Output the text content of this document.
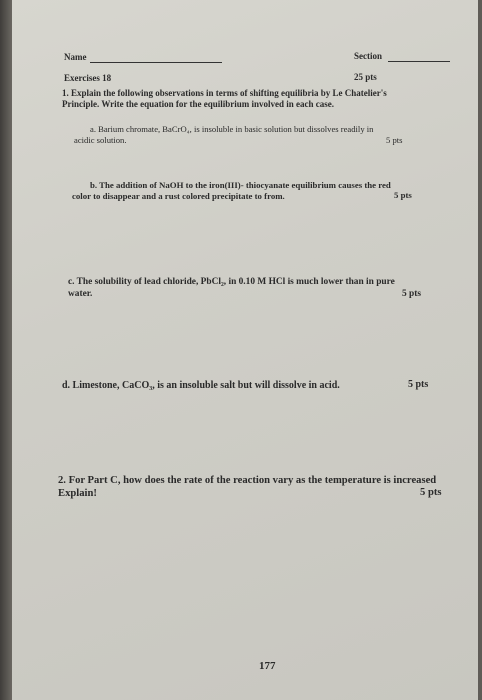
Name	Section
Exercises 18	25 pts
1. Explain the following observations in terms of shifting equilibria by Le Chatelier's
Principle. Write the equation for the equilibrium involved in each case.
a. Barium chromate, BaCrO₄, is insoluble in basic solution but dissolves readily in
acidic solution.	5 pts
b. The addition of NaOH to the iron(III)- thiocyanate equilibrium causes the red
color to disappear and a rust colored precipitate to from.	5 pts
c. The solubility of lead chloride, PbCl₂, in 0.10 M HCl is much lower than in pure
water.	5 pts
d. Limestone, CaCO₃, is an insoluble salt but will dissolve in acid.	5 pts
2. For Part C, how does the rate of the reaction vary as the temperature is increased
Explain!	5 pts
177
